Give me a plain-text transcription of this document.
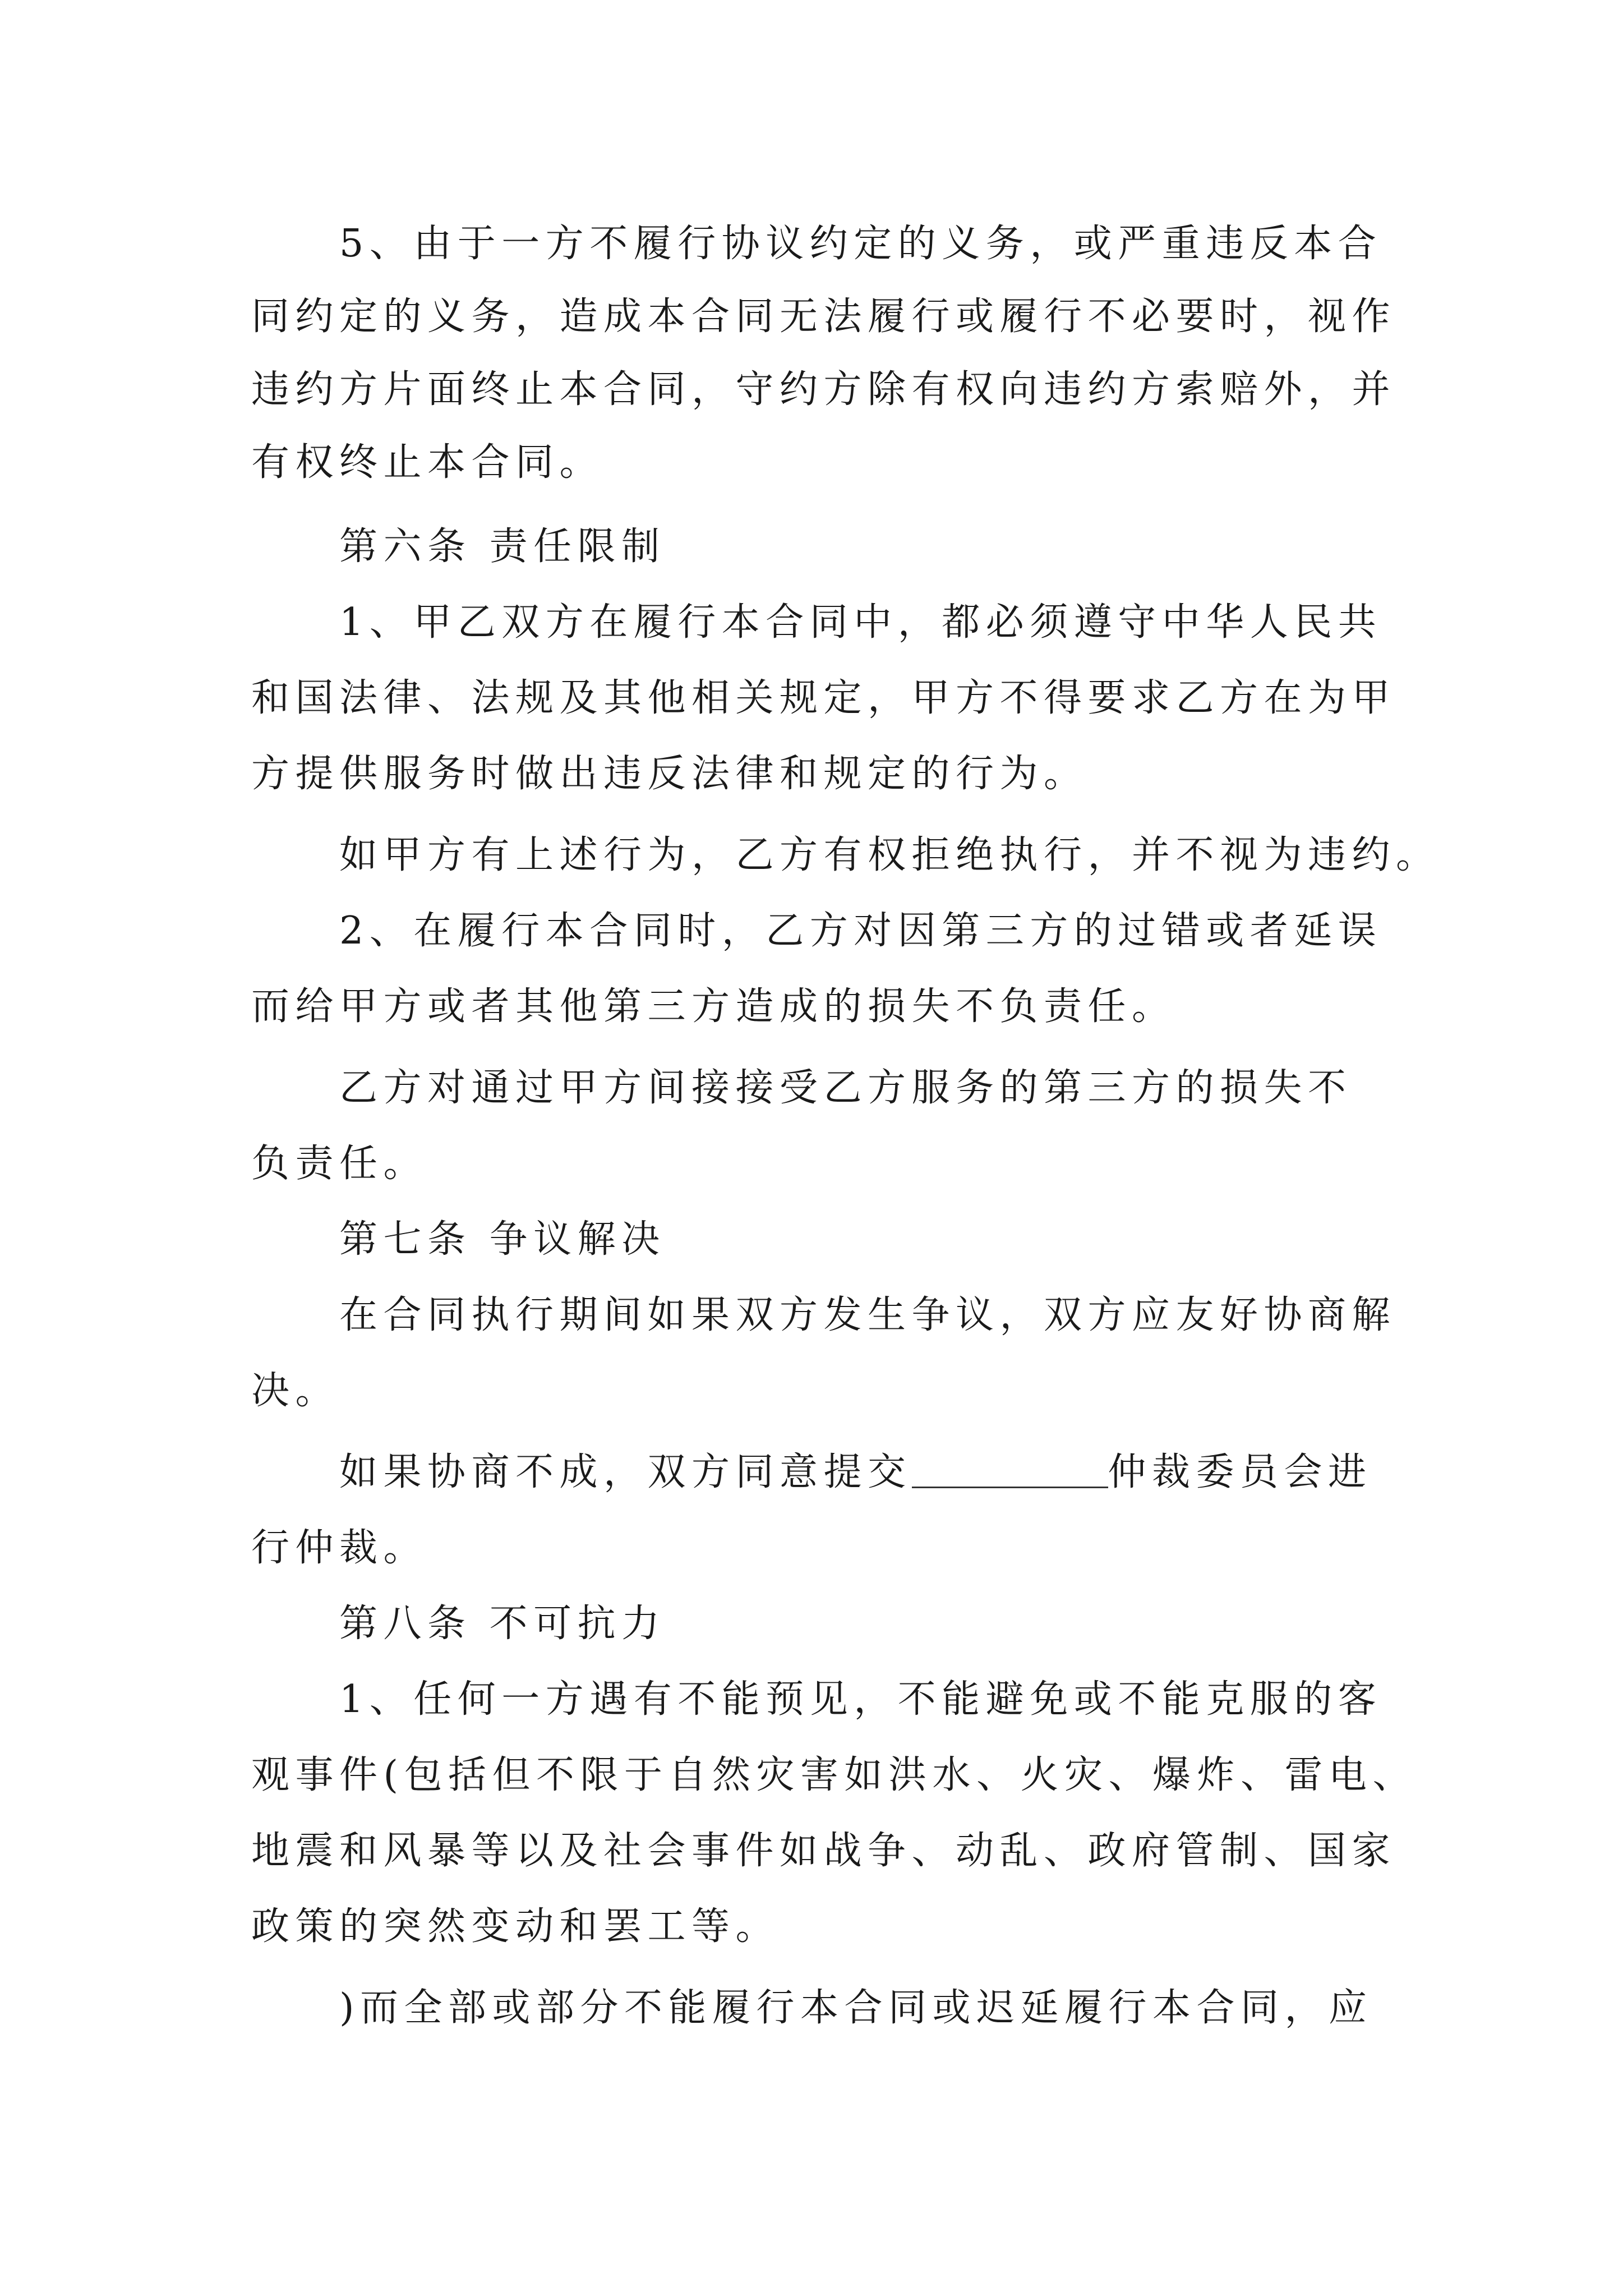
5、由于一方不履行协议约定的义务，或严重违反本合
同约定的义务，造成本合同无法履行或履行不必要时，视作
违约方片面终止本合同，守约方除有权向违约方索赔外，并
有权终止本合同。
第六条 责任限制
1、甲乙双方在履行本合同中，都必须遵守中华人民共
和国法律、法规及其他相关规定，甲方不得要求乙方在为甲
方提供服务时做出违反法律和规定的行为。
如甲方有上述行为，乙方有权拒绝执行，并不视为违约。
2、在履行本合同时，乙方对因第三方的过错或者延误
而给甲方或者其他第三方造成的损失不负责任。
乙方对通过甲方间接接受乙方服务的第三方的损失不
负责任。
第七条 争议解决
在合同执行期间如果双方发生争议，双方应友好协商解
决。
如果协商不成，双方同意提交	仲裁委员会进
行仲裁。
第八条 不可抗力
1、任何一方遇有不能预见，不能避免或不能克服的客
观事件(包括但不限于自然灾害如洪水、火灾、爆炸、雷电、
地震和风暴等以及社会事件如战争、动乱、政府管制、国家
政策的突然变动和罢工等。
)而全部或部分不能履行本合同或迟延履行本合同，应
